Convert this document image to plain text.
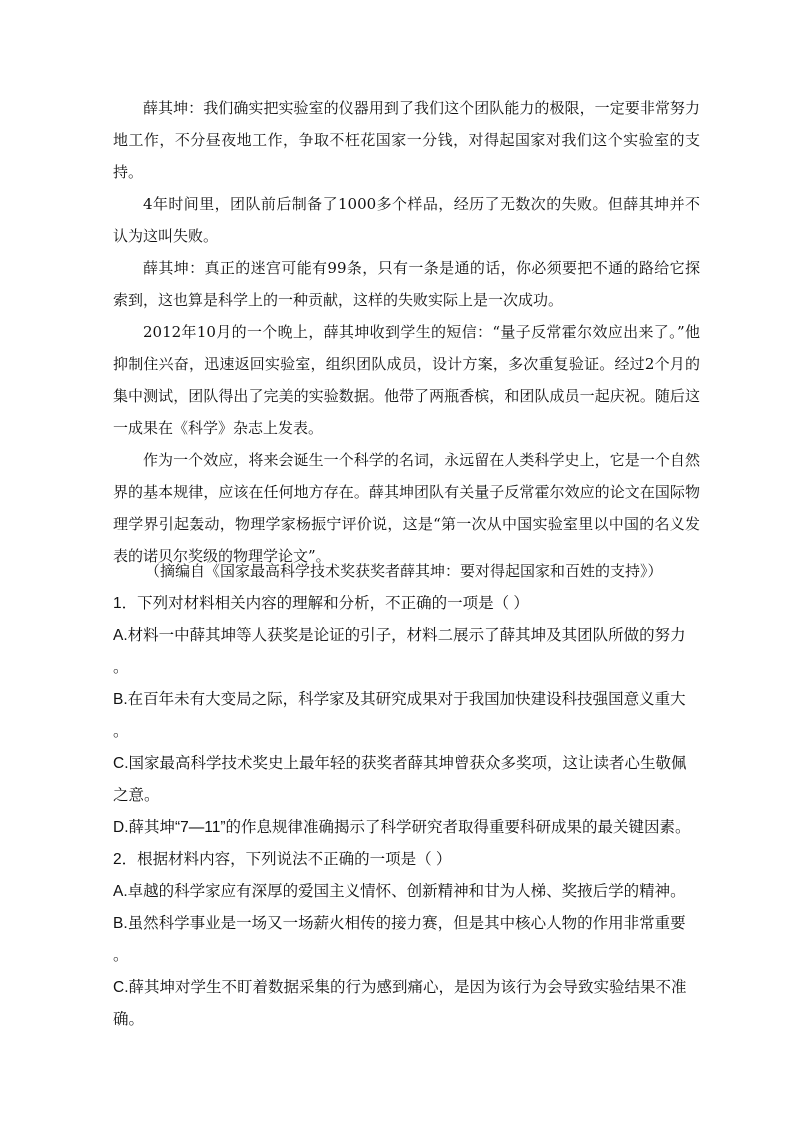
薛其坤：我们确实把实验室的仪器用到了我们这个团队能力的极限，一定要非常努力地工作，不分昼夜地工作，争取不枉花国家一分钱，对得起国家对我们这个实验室的支持。

4年时间里，团队前后制备了1000多个样品，经历了无数次的失败。但薛其坤并不认为这叫失败。

薛其坤：真正的迷宫可能有99条，只有一条是通的话，你必须要把不通的路给它探索到，这也算是科学上的一种贡献，这样的失败实际上是一次成功。

2012年10月的一个晚上，薛其坤收到学生的短信：“量子反常霍尔效应出来了。”他抑制住兴奋，迅速返回实验室，组织团队成员，设计方案，多次重复验证。经过2个月的集中测试，团队得出了完美的实验数据。他带了两瓶香槟，和团队成员一起庆祝。随后这一成果在《科学》杂志上发表。

作为一个效应，将来会诞生一个科学的名词，永远留在人类科学史上，它是一个自然界的基本规律，应该在任何地方存在。薛其坤团队有关量子反常霍尔效应的论文在国际物理学界引起轰动，物理学家杨振宁评价说，这是“第一次从中国实验室里以中国的名义发表的诺贝尔奖级的物理学论文”。

（摘编自《国家最高科学技术奖获奖者薛其坤：要对得起国家和百姓的支持》）
1．下列对材料相关内容的理解和分析，不正确的一项是（ ）
A.材料一中薛其坤等人获奖是论证的引子，材料二展示了薛其坤及其团队所做的努力
。
B.在百年未有大变局之际，科学家及其研究成果对于我国加快建设科技强国意义重大
。
C.国家最高科学技术奖史上最年轻的获奖者薛其坤曾获众多奖项，这让读者心生敬佩
之意。
D.薛其坤“7—11”的作息规律准确揭示了科学研究者取得重要科研成果的最关键因素。
2．根据材料内容，下列说法不正确的一项是（ ）
A.卓越的科学家应有深厚的爱国主义情怀、创新精神和甘为人梯、奖掖后学的精神。
B.虽然科学事业是一场又一场薪火相传的接力赛，但是其中核心人物的作用非常重要
。
C.薛其坤对学生不盯着数据采集的行为感到痛心，是因为该行为会导致实验结果不准
确。
